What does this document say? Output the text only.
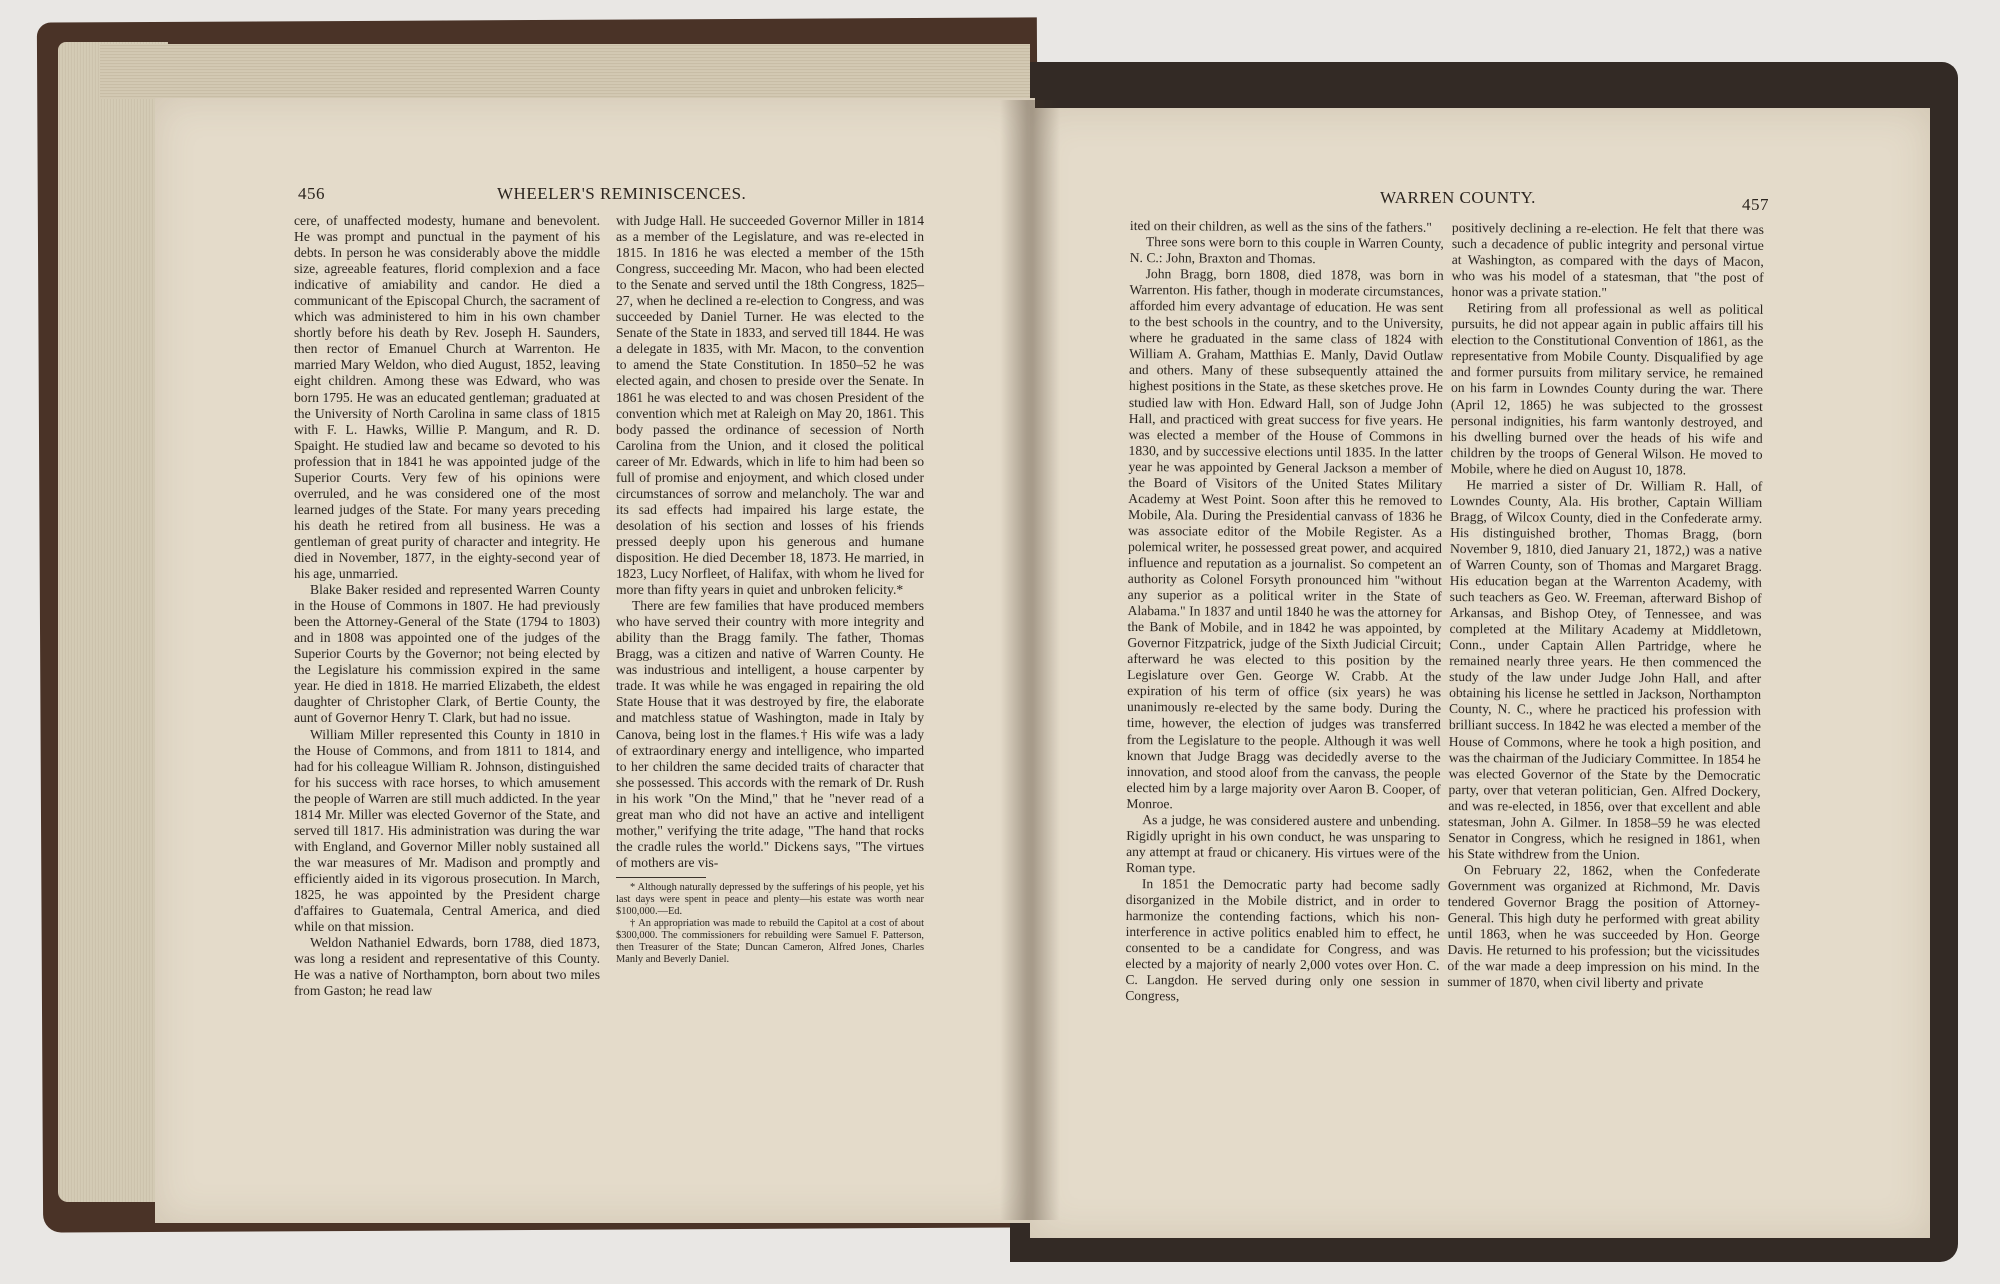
456	WHEELER'S REMINISCENCES.

cere, of unaffected modesty, humane and benevolent. He was prompt and punctual in the payment of his debts. In person he was considerably above the middle size, agreeable features, florid complexion and a face indicative of amiability and candor. He died a communicant of the Episcopal Church, the sacrament of which was administered to him in his own chamber shortly before his death by Rev. Joseph H. Saunders, then rector of Emanuel Church at Warrenton. He married Mary Weldon, who died August, 1852, leaving eight children. Among these was Edward, who was born 1795. He was an educated gentleman; graduated at the University of North Carolina in same class of 1815 with F. L. Hawks, Willie P. Mangum, and R. D. Spaight. He studied law and became so devoted to his profession that in 1841 he was appointed judge of the Superior Courts. Very few of his opinions were overruled, and he was considered one of the most learned judges of the State. For many years preceding his death he retired from all business. He was a gentleman of great purity of character and integrity. He died in November, 1877, in the eighty-second year of his age, unmarried.

Blake Baker resided and represented Warren County in the House of Commons in 1807. He had previously been the Attorney-General of the State (1794 to 1803) and in 1808 was appointed one of the judges of the Superior Courts by the Governor; not being elected by the Legislature his commission expired in the same year. He died in 1818. He married Elizabeth, the eldest daughter of Christopher Clark, of Bertie County, the aunt of Governor Henry T. Clark, but had no issue.

William Miller represented this County in 1810 in the House of Commons, and from 1811 to 1814, and had for his colleague William R. Johnson, distinguished for his success with race horses, to which amusement the people of Warren are still much addicted. In the year 1814 Mr. Miller was elected Governor of the State, and served till 1817. His administration was during the war with England, and Governor Miller nobly sustained all the war measures of Mr. Madison and promptly and efficiently aided in its vigorous prosecution. In March, 1825, he was appointed by the President charge d'affaires to Guatemala, Central America, and died while on that mission.

Weldon Nathaniel Edwards, born 1788, died 1873, was long a resident and representative of this County. He was a native of Northampton, born about two miles from Gaston; he read law

with Judge Hall. He succeeded Governor Miller in 1814 as a member of the Legislature, and was re-elected in 1815. In 1816 he was elected a member of the 15th Congress, succeeding Mr. Macon, who had been elected to the Senate and served until the 18th Congress, 1825–27, when he declined a re-election to Congress, and was succeeded by Daniel Turner. He was elected to the Senate of the State in 1833, and served till 1844. He was a delegate in 1835, with Mr. Macon, to the convention to amend the State Constitution. In 1850–52 he was elected again, and chosen to preside over the Senate. In 1861 he was elected to and was chosen President of the convention which met at Raleigh on May 20, 1861. This body passed the ordinance of secession of North Carolina from the Union, and it closed the political career of Mr. Edwards, which in life to him had been so full of promise and enjoyment, and which closed under circumstances of sorrow and melancholy. The war and its sad effects had impaired his large estate, the desolation of his section and losses of his friends pressed deeply upon his generous and humane disposition. He died December 18, 1873. He married, in 1823, Lucy Norfleet, of Halifax, with whom he lived for more than fifty years in quiet and unbroken felicity.*

There are few families that have produced members who have served their country with more integrity and ability than the Bragg family. The father, Thomas Bragg, was a citizen and native of Warren County. He was industrious and intelligent, a house carpenter by trade. It was while he was engaged in repairing the old State House that it was destroyed by fire, the elaborate and matchless statue of Washington, made in Italy by Canova, being lost in the flames.† His wife was a lady of extraordinary energy and intelligence, who imparted to her children the same decided traits of character that she possessed. This accords with the remark of Dr. Rush in his work "On the Mind," that he "never read of a great man who did not have an active and intelligent mother," verifying the trite adage, "The hand that rocks the cradle rules the world." Dickens says, "The virtues of mothers are vis-

* Although naturally depressed by the sufferings of his people, yet his last days were spent in peace and plenty—his estate was worth near $100,000.—Ed.

† An appropriation was made to rebuild the Capitol at a cost of about $300,000. The commissioners for rebuilding were Samuel F. Patterson, then Treasurer of the State; Duncan Cameron, Alfred Jones, Charles Manly and Beverly Daniel.

WARREN COUNTY.	457

ited on their children, as well as the sins of the fathers."

Three sons were born to this couple in Warren County, N. C.: John, Braxton and Thomas.

John Bragg, born 1808, died 1878, was born in Warrenton. His father, though in moderate circumstances, afforded him every advantage of education. He was sent to the best schools in the country, and to the University, where he graduated in the same class of 1824 with William A. Graham, Matthias E. Manly, David Outlaw and others. Many of these subsequently attained the highest positions in the State, as these sketches prove. He studied law with Hon. Edward Hall, son of Judge John Hall, and practiced with great success for five years. He was elected a member of the House of Commons in 1830, and by successive elections until 1835. In the latter year he was appointed by General Jackson a member of the Board of Visitors of the United States Military Academy at West Point. Soon after this he removed to Mobile, Ala. During the Presidential canvass of 1836 he was associate editor of the Mobile Register. As a polemical writer, he possessed great power, and acquired influence and reputation as a journalist. So competent an authority as Colonel Forsyth pronounced him "without any superior as a political writer in the State of Alabama." In 1837 and until 1840 he was the attorney for the Bank of Mobile, and in 1842 he was appointed, by Governor Fitzpatrick, judge of the Sixth Judicial Circuit; afterward he was elected to this position by the Legislature over Gen. George W. Crabb. At the expiration of his term of office (six years) he was unanimously re-elected by the same body. During the time, however, the election of judges was transferred from the Legislature to the people. Although it was well known that Judge Bragg was decidedly averse to the innovation, and stood aloof from the canvass, the people elected him by a large majority over Aaron B. Cooper, of Monroe.

As a judge, he was considered austere and unbending. Rigidly upright in his own conduct, he was unsparing to any attempt at fraud or chicanery. His virtues were of the Roman type.

In 1851 the Democratic party had become sadly disorganized in the Mobile district, and in order to harmonize the contending factions, which his non-interference in active politics enabled him to effect, he consented to be a candidate for Congress, and was elected by a majority of nearly 2,000 votes over Hon. C. C. Langdon. He served during only one session in Congress,

positively declining a re-election. He felt that there was such a decadence of public integrity and personal virtue at Washington, as compared with the days of Macon, who was his model of a statesman, that "the post of honor was a private station."

Retiring from all professional as well as political pursuits, he did not appear again in public affairs till his election to the Constitutional Convention of 1861, as the representative from Mobile County. Disqualified by age and former pursuits from military service, he remained on his farm in Lowndes County during the war. There (April 12, 1865) he was subjected to the grossest personal indignities, his farm wantonly destroyed, and his dwelling burned over the heads of his wife and children by the troops of General Wilson. He moved to Mobile, where he died on August 10, 1878.

He married a sister of Dr. William R. Hall, of Lowndes County, Ala. His brother, Captain William Bragg, of Wilcox County, died in the Confederate army. His distinguished brother, Thomas Bragg, (born November 9, 1810, died January 21, 1872,) was a native of Warren County, son of Thomas and Margaret Bragg. His education began at the Warrenton Academy, with such teachers as Geo. W. Freeman, afterward Bishop of Arkansas, and Bishop Otey, of Tennessee, and was completed at the Military Academy at Middletown, Conn., under Captain Allen Partridge, where he remained nearly three years. He then commenced the study of the law under Judge John Hall, and after obtaining his license he settled in Jackson, Northampton County, N. C., where he practiced his profession with brilliant success. In 1842 he was elected a member of the House of Commons, where he took a high position, and was the chairman of the Judiciary Committee. In 1854 he was elected Governor of the State by the Democratic party, over that veteran politician, Gen. Alfred Dockery, and was re-elected, in 1856, over that excellent and able statesman, John A. Gilmer. In 1858–59 he was elected Senator in Congress, which he resigned in 1861, when his State withdrew from the Union.

On February 22, 1862, when the Confederate Government was organized at Richmond, Mr. Davis tendered Governor Bragg the position of Attorney-General. This high duty he performed with great ability until 1863, when he was succeeded by Hon. George Davis. He returned to his profession; but the vicissitudes of the war made a deep impression on his mind. In the summer of 1870, when civil liberty and private
